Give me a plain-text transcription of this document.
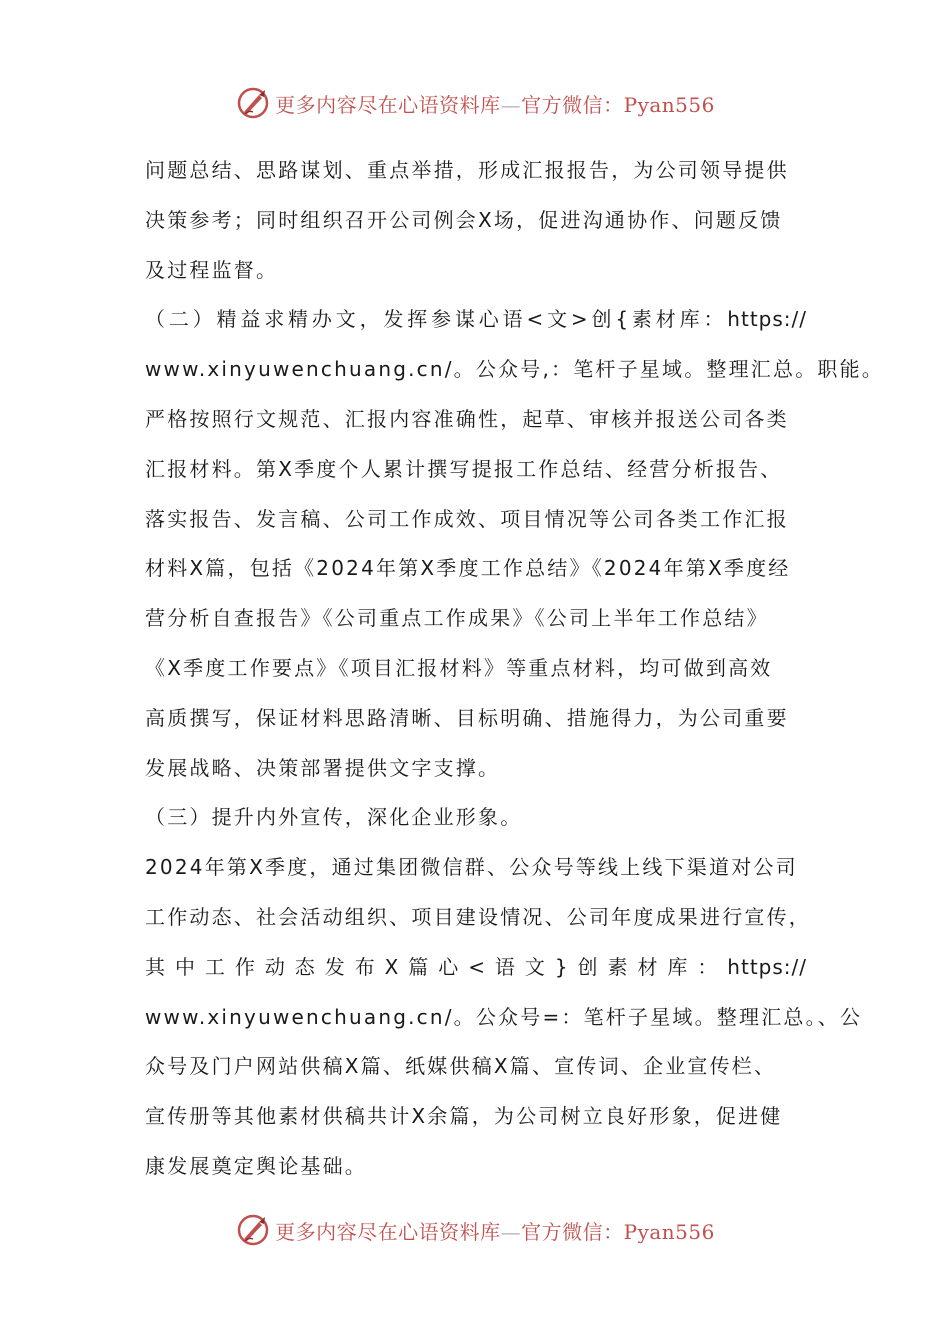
更多内容尽在心语资料库—官方微信：Pyan556
问题总结、思路谋划、重点举措，形成汇报报告，为公司领导提供
决策参考；同时组织召开公司例会X场，促进沟通协作、问题反馈
及过程监督。
（二）精益求精办文，发挥参谋心语<文>创{素材库：https://
www.xinyuwenchuang.cn/。公众号,：笔杆子星域。整理汇总。职能。
严格按照行文规范、汇报内容准确性，起草、审核并报送公司各类
汇报材料。第X季度个人累计撰写提报工作总结、经营分析报告、
落实报告、发言稿、公司工作成效、项目情况等公司各类工作汇报
材料X篇，包括《2024年第X季度工作总结》《2024年第X季度经
营分析自查报告》《公司重点工作成果》《公司上半年工作总结》
《X季度工作要点》《项目汇报材料》等重点材料，均可做到高效
高质撰写，保证材料思路清晰、目标明确、措施得力，为公司重要
发展战略、决策部署提供文字支撑。
（三）提升内外宣传，深化企业形象。
2024年第X季度，通过集团微信群、公众号等线上线下渠道对公司
工作动态、社会活动组织、项目建设情况、公司年度成果进行宣传，
其中工作动态发布X篇心<语文}创素材库：https://
www.xinyuwenchuang.cn/。公众号=：笔杆子星域。整理汇总。、公
众号及门户网站供稿X篇、纸媒供稿X篇、宣传词、企业宣传栏、
宣传册等其他素材供稿共计X余篇，为公司树立良好形象，促进健
康发展奠定舆论基础。
更多内容尽在心语资料库—官方微信：Pyan556
